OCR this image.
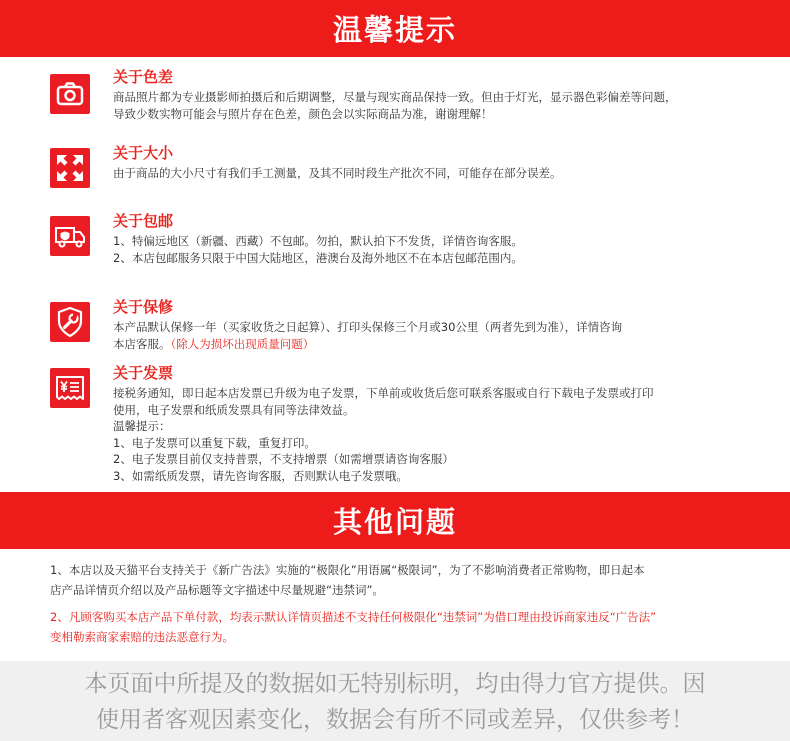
温馨提示
关于色差
商品照片都为专业摄影师拍摄后和后期调整，尽量与现实商品保持一致。但由于灯光，显示器色彩偏差等问题，
导致少数实物可能会与照片存在色差，颜色会以实际商品为准，谢谢理解！
关于大小
由于商品的大小尺寸有我们手工测量，及其不同时段生产批次不同，可能存在部分误差。
关于包邮
1、特偏远地区（新疆、西藏）不包邮。勿拍，默认拍下不发货，详情咨询客服。
2、本店包邮服务只限于中国大陆地区，港澳台及海外地区不在本店包邮范围内。
关于保修
本产品默认保修一年（买家收货之日起算）、打印头保修三个月或30公里（两者先到为准），详情咨询
本店客服。（除人为损坏出现质量问题）
关于发票
接税务通知，即日起本店发票已升级为电子发票，下单前或收货后您可联系客服或自行下载电子发票或打印
使用，电子发票和纸质发票具有同等法律效益。
温馨提示：
1、电子发票可以重复下载，重复打印。
2、电子发票目前仅支持普票，不支持增票（如需增票请咨询客服）
3、如需纸质发票，请先咨询客服，否则默认电子发票哦。
其他问题
1、本店以及天猫平台支持关于《新广告法》实施的“极限化”用语属“极限词”，为了不影响消费者正常购物，即日起本
店产品详情页介绍以及产品标题等文字描述中尽量规避“违禁词”。
2、凡顾客购买本店产品下单付款，均表示默认详情页描述不支持任何极限化“违禁词”为借口理由投诉商家违反“广告法”
变相勒索商家索赔的违法恶意行为。
本页面中所提及的数据如无特别标明，均由得力官方提供。因
使用者客观因素变化，数据会有所不同或差异，仅供参考！
